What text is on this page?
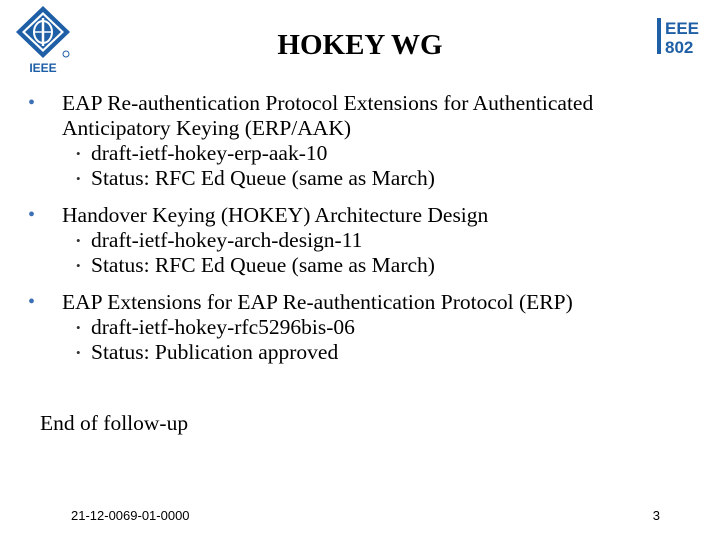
IEEE
HOKEY WG
EEE
802
• EAP Re-authentication Protocol Extensions for Authenticated
Anticipatory Keying (ERP/AAK)
• draft-ietf-hokey-erp-aak-10
• Status: RFC Ed Queue (same as March)
• Handover Keying (HOKEY) Architecture Design
• draft-ietf-hokey-arch-design-11
• Status: RFC Ed Queue (same as March)
• EAP Extensions for EAP Re-authentication Protocol (ERP)
• draft-ietf-hokey-rfc5296bis-06
• Status: Publication approved
End of follow-up
21-12-0069-01-0000	3
